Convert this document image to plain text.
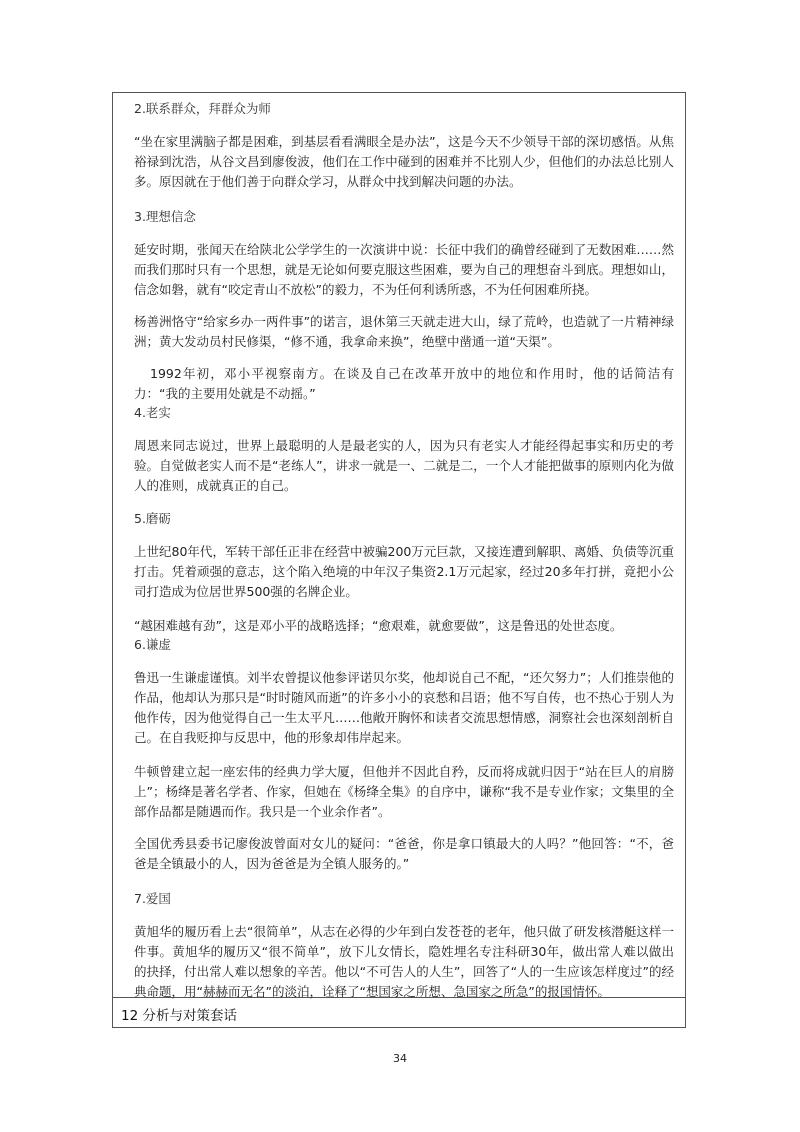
2.联系群众，拜群众为师

“坐在家里满脑子都是困难，到基层看看满眼全是办法”，这是今天不少领导干部的深切感悟。从焦裕禄到沈浩，从谷文昌到廖俊波，他们在工作中碰到的困难并不比别人少，但他们的办法总比别人多。原因就在于他们善于向群众学习，从群众中找到解决问题的办法。

3.理想信念

延安时期，张闻天在给陕北公学学生的一次演讲中说：长征中我们的确曾经碰到了无数困难……然而我们那时只有一个思想，就是无论如何要克服这些困难，要为自己的理想奋斗到底。理想如山，信念如磐，就有“咬定青山不放松”的毅力，不为任何利诱所惑，不为任何困难所挠。

杨善洲恪守“给家乡办一两件事”的诺言，退休第三天就走进大山，绿了荒岭，也造就了一片精神绿洲；黄大发动员村民修渠，“修不通，我拿命来换”，绝壁中凿通一道“天渠”。

1992年初，邓小平视察南方。在谈及自己在改革开放中的地位和作用时，他的话简洁有力：“我的主要用处就是不动摇。”

4.老实

周恩来同志说过，世界上最聪明的人是最老实的人，因为只有老实人才能经得起事实和历史的考验。自觉做老实人而不是“老练人”，讲求一就是一、二就是二，一个人才能把做事的原则内化为做人的准则，成就真正的自己。

5.磨砺

上世纪80年代，军转干部任正非在经营中被骗200万元巨款，又接连遭到解职、离婚、负债等沉重打击。凭着顽强的意志，这个陷入绝境的中年汉子集资2.1万元起家，经过20多年打拼，竟把小公司打造成为位居世界500强的名牌企业。

“越困难越有劲”，这是邓小平的战略选择；“愈艰难，就愈要做”，这是鲁迅的处世态度。

6.谦虚

鲁迅一生谦虚谨慎。刘半农曾提议他参评诺贝尔奖，他却说自己不配，“还欠努力”；人们推崇他的作品，他却认为那只是“时时随风而逝”的许多小小的哀愁和吕语；他不写自传，也不热心于别人为他作传，因为他觉得自己一生太平凡……他敞开胸怀和读者交流思想情感，洞察社会也深刻剖析自己。在自我贬抑与反思中，他的形象却伟岸起来。

牛顿曾建立起一座宏伟的经典力学大厦，但他并不因此自矜，反而将成就归因于“站在巨人的肩膀上”；杨绛是著名学者、作家，但她在《杨绛全集》的自序中，谦称“我不是专业作家；文集里的全部作品都是随遇而作。我只是一个业余作者”。

全国优秀县委书记廖俊波曾面对女儿的疑问：“爸爸，你是拿口镇最大的人吗？”他回答：“不，爸爸是全镇最小的人，因为爸爸是为全镇人服务的。”

7.爱国

黄旭华的履历看上去“很简单”，从志在必得的少年到白发苍苍的老年，他只做了研发核潜艇这样一件事。黄旭华的履历又“很不简单”，放下儿女情长，隐姓埋名专注科研30年，做出常人难以做出的抉择，付出常人难以想象的辛苦。他以“不可告人的人生”，回答了“人的一生应该怎样度过”的经典命题，用“赫赫而无名”的淡泊，诠释了“想国家之所想、急国家之所急”的报国情怀。

12 分析与对策套话
34
